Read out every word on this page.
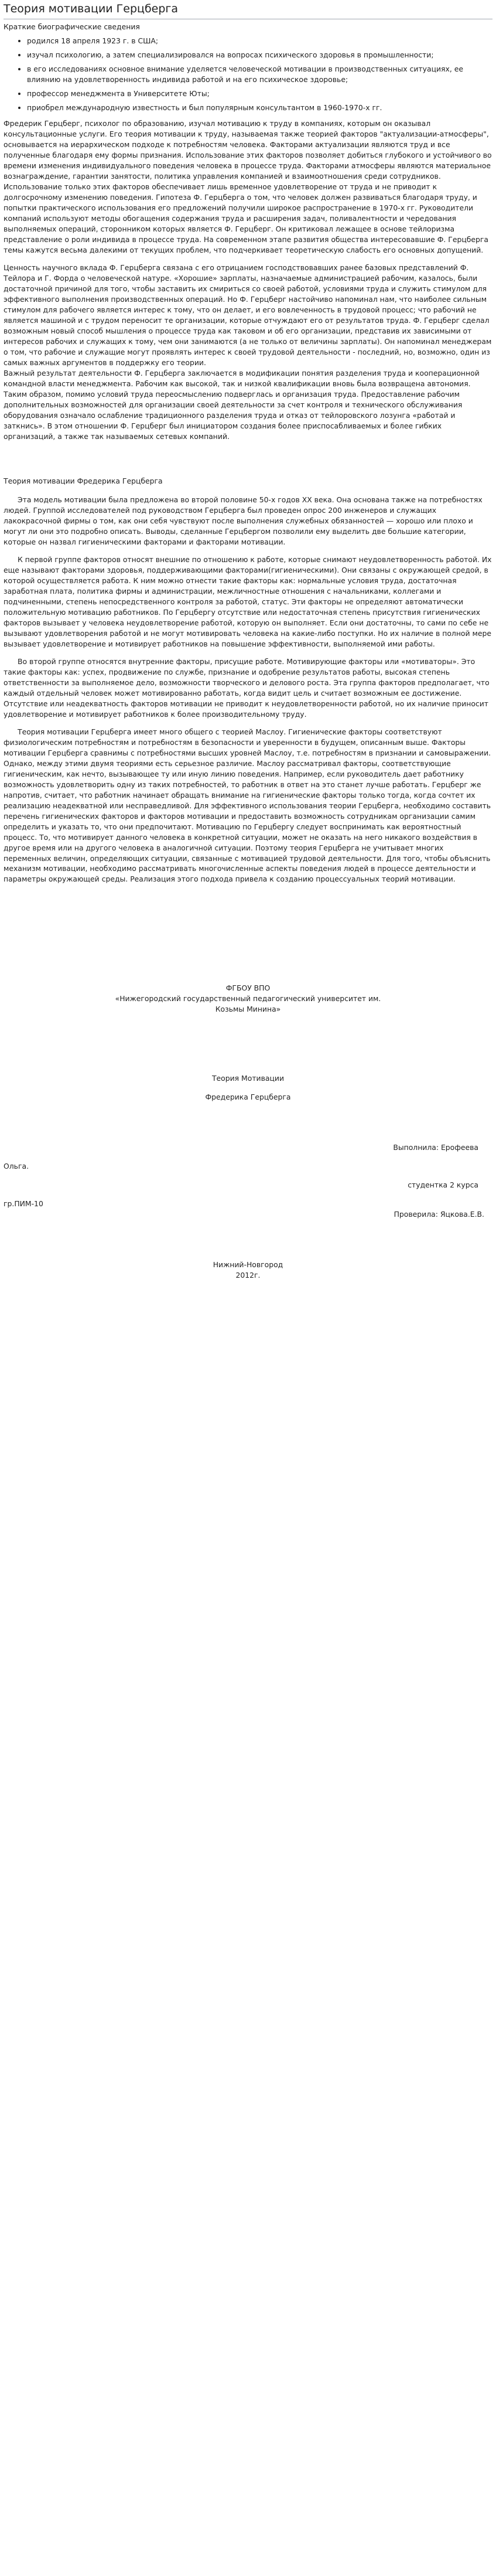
Теория мотивации Герцберга
Краткие биографические сведения
• родился 18 апреля 1923 г. в США;
• изучал психологию, а затем специализировался на вопросах психического здоровья в промышленности;
• в его исследованиях основное внимание уделяется человеческой мотивации в производственных ситуациях, ее влиянию на удовлетворенность индивида работой и на его психическое здоровье;
• профессор менеджмента в Университете Юты;
• приобрел международную известность и был популярным консультантом в 1960-1970-х гг.

Фредерик Герцберг, психолог по образованию, изучал мотивацию к труду в компаниях, которым он оказывал консультационные услуги. Его теория мотивации к труду, называемая также теорией факторов "актуализации-атмосферы", основывается на иерархическом подходе к потребностям человека. Факторами актуализации являются труд и все полученные благодаря ему формы признания. Использование этих факторов позволяет добиться глубокого и устойчивого во времени изменения индивидуального поведения человека в процессе труда. Факторами атмосферы являются материальное вознаграждение, гарантии занятости, политика управления компанией и взаимоотношения среди сотрудников. Использование только этих факторов обеспечивает лишь временное удовлетворение от труда и не приводит к долгосрочному изменению поведения. Гипотеза Ф. Герцберга о том, что человек должен развиваться благодаря труду, и попытки практического использования его предложений получили широкое распространение в 1970-х гг. Руководители компаний используют методы обогащения содержания труда и расширения задач, поливалентности и чередования выполняемых операций, сторонником которых является Ф. Герцберг. Он критиковал лежащее в основе тейлоризма представление о роли индивида в процессе труда. На современном этапе развития общества интересовавшие Ф. Герцберга темы кажутся весьма далекими от текущих проблем, что подчеркивает теоретическую слабость его основных допущений.

Ценность научного вклада Ф. Герцберга связана с его отрицанием господствовавших ранее базовых представлений Ф. Тейлора и Г. Форда о человеческой натуре. «Хорошие» зарплаты, назначаемые администрацией рабочим, казалось, были достаточной причиной для того, чтобы заставить их смириться со своей работой, условиями труда и служить стимулом для эффективного выполнения производственных операций. Но Ф. Герцберг настойчиво напоминал нам, что наиболее сильным стимулом для рабочего является интерес к тому, что он делает, и его вовлеченность в трудовой процесс; что рабочий не является машиной и с трудом переносит те организации, которые отчуждают его от результатов труда. Ф. Герцберг сделал возможным новый способ мышления о процессе труда как таковом и об его организации, представив их зависимыми от интересов рабочих и служащих к тому, чем они занимаются (а не только от величины зарплаты). Он напоминал менеджерам о том, что рабочие и служащие могут проявлять интерес к своей трудовой деятельности - последний, но, возможно, один из самых важных аргументов в поддержку его теории.

Важный результат деятельности Ф. Герцберга заключается в модификации понятия разделения труда и кооперационной командной власти менеджмента. Рабочим как высокой, так и низкой квалификации вновь была возвращена автономия. Таким образом, помимо условий труда переосмыслению подверглась и организация труда. Предоставление рабочим дополнительных возможностей для организации своей деятельности за счет контроля и технического обслуживания оборудования означало ослабление традиционного разделения труда и отказ от тейлоровского лозунга «работай и заткнись». В этом отношении Ф. Герцберг был инициатором создания более приспосабливаемых и более гибких организаций, а также так называемых сетевых компаний.

Теория мотивации Фредерика Герцберга

Эта модель мотивации была предложена во второй половине 50-х годов XX века. Она основана также на потребностях людей. Группой исследователей под руководством Герцберга был проведен опрос 200 инженеров и служащих лакокрасочной фирмы о том, как они себя чувствуют после выполнения служебных обязанностей — хорошо или плохо и могут ли они это подробно описать. Выводы, сделанные Герцбергом позволили ему выделить две большие категории, которые он назвал гигиеническими факторами и факторами мотивации.

К первой группе факторов относят внешние по отношению к работе, которые снимают неудовлетворенность работой. Их еще называют факторами здоровья, поддерживающими факторами(гигиеническими). Они связаны с окружающей средой, в которой осуществляется работа. К ним можно отнести такие факторы как: нормальные условия труда, достаточная заработная плата, политика фирмы и администрации, межличностные отношения с начальниками, коллегами и подчиненными, степень непосредственного контроля за работой, статус. Эти факторы не определяют автоматически положительную мотивацию работников. По Герцбергу отсутствие или недостаточная степень присутствия гигиенических факторов вызывает у человека неудовлетворение работой, которую он выполняет. Если они достаточны, то сами по себе не вызывают удовлетворения работой и не могут мотивировать человека на какие-либо поступки. Но их наличие в полной мере вызывает удовлетворение и мотивирует работников на повышение эффективности, выполняемой ими работы.

Во второй группе относятся внутренние факторы, присущие работе. Мотивирующие факторы или «мотиваторы». Это такие факторы как: успех, продвижение по службе, признание и одобрение результатов работы, высокая степень ответственности за выполняемое дело, возможности творческого и делового роста. Эта группа факторов предполагает, что каждый отдельный человек может мотивированно работать, когда видит цель и считает возможным ее достижение. Отсутствие или неадекватность факторов мотивации не приводит к неудовлетворенности работой, но их наличие приносит удовлетворение и мотивирует работников к более производительному труду.

Теория мотивации Герцберга имеет много общего с теорией Маслоу. Гигиенические факторы соответствуют физиологическим потребностям и потребностям в безопасности и уверенности в будущем, описанным выше. Факторы мотивации Герцберга сравнимы с потребностями высших уровней Маслоу, т.е. потребностям в признании и самовыражении. Однако, между этими двумя теориями есть серьезное различие. Маслоу рассматривал факторы, соответствующие гигиеническим, как нечто, вызывающее ту или иную линию поведения. Например, если руководитель дает работнику возможность удовлетворить одну из таких потребностей, то работник в ответ на это станет лучше работать. Герцберг же напротив, считает, что работник начинает обращать внимание на гигиенические факторы только тогда, когда сочтет их реализацию неадекватной или несправедливой. Для эффективного использования теории Герцберга, необходимо составить перечень гигиенических факторов и факторов мотивации и предоставить возможность сотрудникам организации самим определить и указать то, что они предпочитают. Мотивацию по Герцбергу следует воспринимать как вероятностный процесс. То, что мотивирует данного человека в конкретной ситуации, может не оказать на него никакого воздействия в другое время или на другого человека в аналогичной ситуации. Поэтому теория Герцберга не учитывает многих переменных величин, определяющих ситуации, связанные с мотивацией трудовой деятельности. Для того, чтобы объяснить механизм мотивации, необходимо рассматривать многочисленные аспекты поведения людей в процессе деятельности и параметры окружающей среды. Реализация этого подхода привела к созданию процессуальных теорий мотивации.

ФГБОУ ВПО
«Нижегородский государственный педагогический университет им. Козьмы Минина»
Теория Мотивации
Фредерика Герцберга
Выполнила: Ерофеева
Ольга.
студентка 2 курса
гр.ПИМ-10
Проверила: Яцкова.Е.В.
Нижний-Новгород
2012г.
